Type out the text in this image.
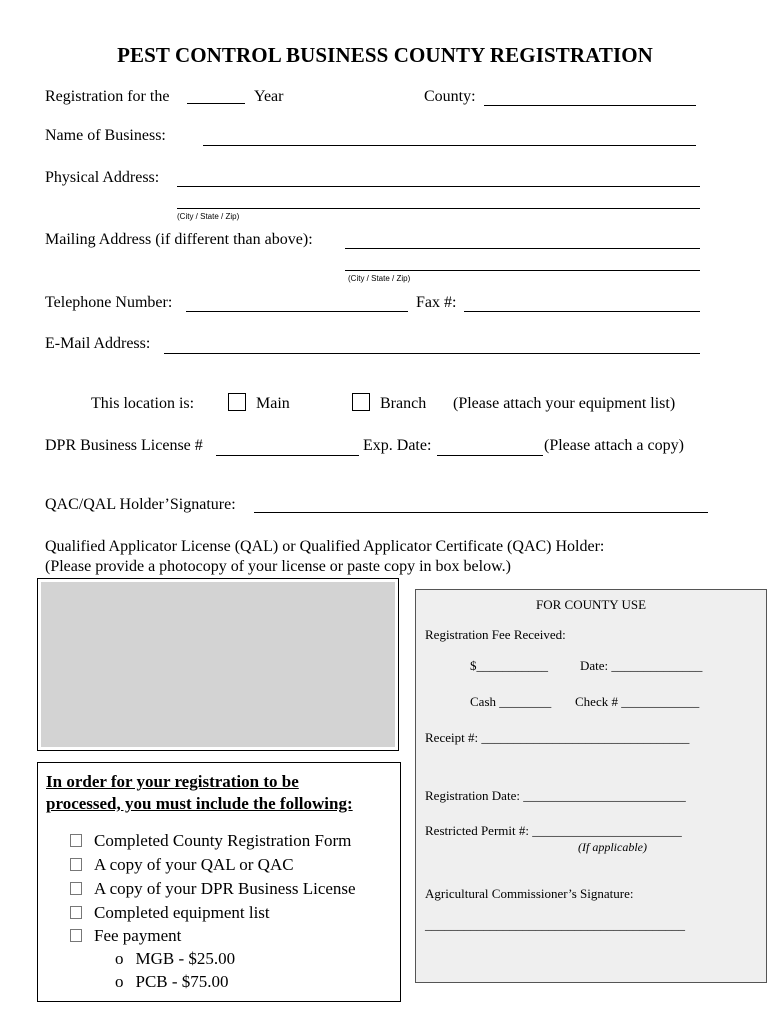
PEST CONTROL BUSINESS COUNTY REGISTRATION
Registration for the	Year	County:
Name of Business:
Physical Address:
(City / State / Zip)
Mailing Address (if different than above):
(City / State / Zip)
Telephone Number:	Fax #:
E-Mail Address:
This location is:	Main	Branch (Please attach your equipment list)
DPR Business License #	Exp. Date:	(Please attach a copy)
QAC/QAL Holder’Signature:
Qualified Applicator License (QAL) or Qualified Applicator Certificate (QAC) Holder:
(Please provide a photocopy of your license or paste copy in box below.)
FOR COUNTY USE
Registration Fee Received:
$___________ Date: ______________
Cash ________ Check # ____________
Receipt #: ________________________________
Registration Date: _________________________
Restricted Permit #: _______________________
(If applicable)
Agricultural Commissioner’s Signature:
________________________________________
In order for your registration to be
processed, you must include the following:
Completed County Registration Form
A copy of your QAL or QAC
A copy of your DPR Business License
Completed equipment list
Fee payment
o MGB - $25.00
o PCB - $75.00
